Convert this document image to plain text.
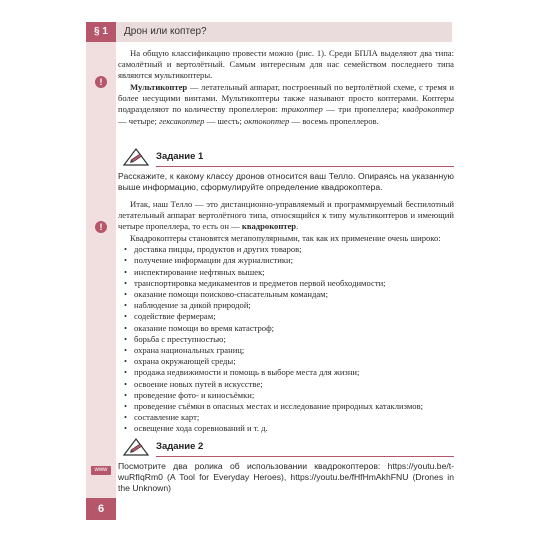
§ 1	Дрон или коптер?
!
!
www
6

На общую классификацию провести можно (рис. 1). Среди БПЛА выделяют два типа: самолётный и вертолётный. Самым интересным для нас семейством последнего типа являются мультикоптеры.

Мультикоптер — летательный аппарат, построенный по вертолётной схеме, с тремя и более несущими винтами. Мультикоптеры также называют просто коптерами. Коптеры подразделяют по количеству пропеллеров: трикоптер — три пропеллера; квадрокоптер — четыре; гексакоптер — шесть; октокоптер — восемь пропеллеров.

Задание 1

Расскажите, к какому классу дронов относится ваш Телло. Опираясь на указанную выше информацию, сформулируйте определение квадрокоптера.

Итак, наш Телло — это дистанционно-управляемый и программируемый беспилотный летательный аппарат вертолётного типа, относящийся к типу мультикоптеров и имеющий четыре пропеллера, то есть он — квадрокоптер.

Квадрокоптеры становятся мегапопулярными, так как их применение очень широко:

• доставка пиццы, продуктов и других товаров;
• получение информации для журналистики;
• инспектирование нефтяных вышек;
• транспортировка медикаментов и предметов первой необходимости;
• оказание помощи поисково-спасательным командам;
• наблюдение за дикой природой;
• содействие фермерам;
• оказание помощи во время катастроф;
• борьба с преступностью;
• охрана национальных границ;
• охрана окружающей среды;
• продажа недвижимости и помощь в выборе места для жизни;
• освоение новых путей в искусстве;
• проведение фото- и киносъёмки;
• проведение съёмки в опасных местах и исследование природных катаклизмов;
• составление карт;
• освещение хода соревнований и т. д.
Задание 2

Посмотрите два ролика об использовании квадрокоптеров: https://youtu.be/t-wuRfIqRm0 (A Tool for Everyday Heroes), https://youtu.be/fHfHmAkhFNU (Drones in the Unknown)
